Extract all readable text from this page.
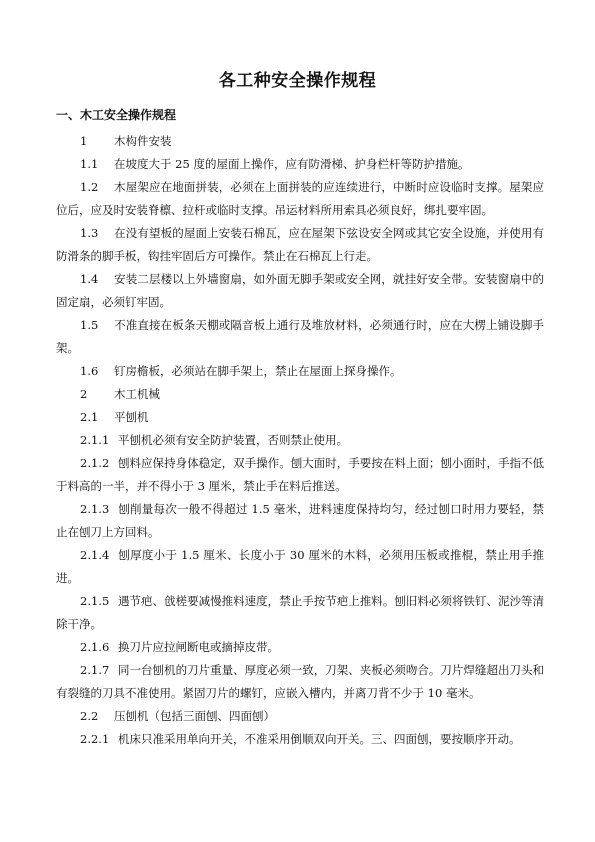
各工种安全操作规程
一、木工安全操作规程

1 木构件安装

1.1 在坡度大于 25 度的屋面上操作，应有防滑梯、护身栏杆等防护措施。

1.2 木屋架应在地面拼装，必须在上面拼装的应连续进行，中断时应设临时支撑。屋架应位后，应及时安装脊檩、拉杆或临时支撑。吊运材料所用索具必须良好，绑扎要牢固。

1.3 在没有望板的屋面上安装石棉瓦，应在屋架下弦设安全网或其它安全设施，并使用有防滑条的脚手板，钩挂牢固后方可操作。禁止在石棉瓦上行走。

1.4 安装二层楼以上外墙窗扇，如外面无脚手架或安全网，就挂好安全带。安装窗扇中的固定扇，必须钉牢固。

1.5 不准直接在板条天棚或隔音板上通行及堆放材料，必须通行时，应在大楞上铺设脚手架。

1.6 钉房檐板，必须站在脚手架上，禁止在屋面上探身操作。

2 木工机械

2.1 平刨机

2.1.1 平刨机必须有安全防护装置，否则禁止使用。

2.1.2 刨料应保持身体稳定，双手操作。刨大面时，手要按在料上面；刨小面时，手指不低于料高的一半，并不得小于 3 厘米，禁止手在料后推送。

2.1.3 刨削量每次一般不得超过 1.5 毫米，进料速度保持均匀，经过刨口时用力要轻，禁止在刨刀上方回料。

2.1.4 刨厚度小于 1.5 厘米、长度小于 30 厘米的木料，必须用压板或推棍，禁止用手推进。

2.1.5 遇节疤、戗槎要减慢推料速度，禁止手按节疤上推料。刨旧料必须将铁钉、泥沙等清除干净。

2.1.6 换刀片应拉闸断电或摘掉皮带。

2.1.7 同一台刨机的刀片重量、厚度必须一致，刀架、夹板必须吻合。刀片焊缝超出刀头和有裂缝的刀具不准使用。紧固刀片的螺钉，应嵌入槽内，并离刀背不少于 10 毫米。

2.2 压刨机（包括三面刨、四面刨）

2.2.1 机床只准采用单向开关，不准采用倒顺双向开关。三、四面刨，要按顺序开动。
